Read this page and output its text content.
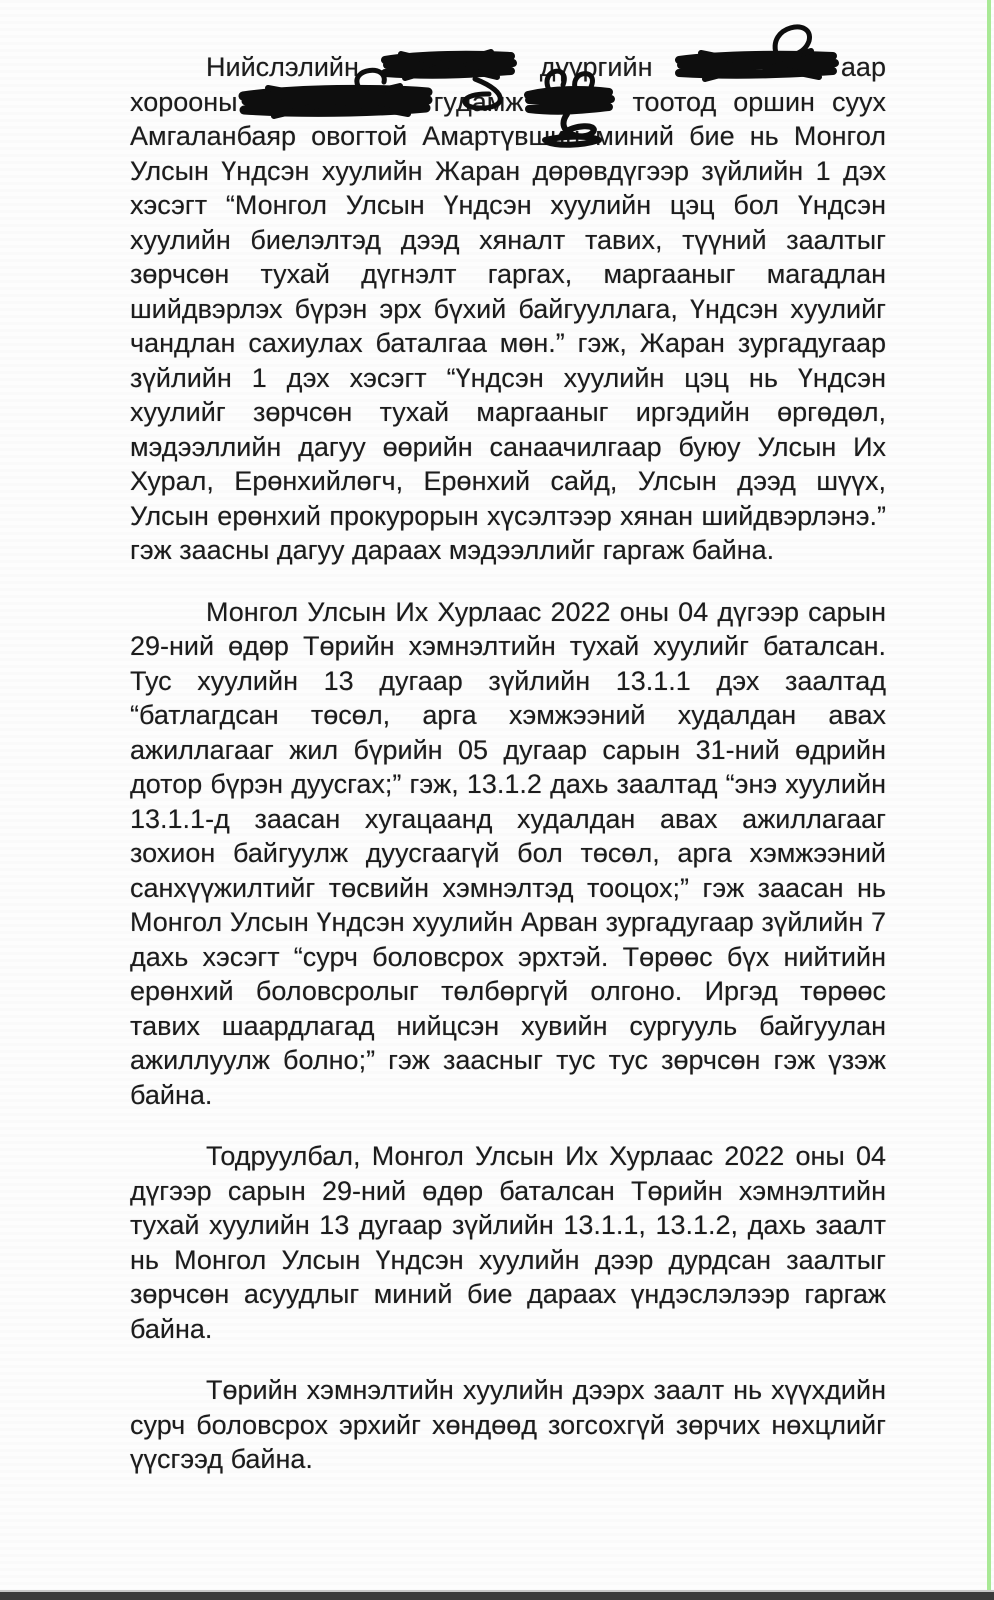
Нийслэлийн	дүүргийн	аар хорооны	гудамж	тоотод оршин суух Амгаланбаяр овогтой Амартүвшин миний бие нь Монгол Улсын Үндсэн хуулийн Жаран дөрөвдүгээр зүйлийн 1 дэх хэсэгт “Монгол Улсын Үндсэн хуулийн цэц бол Үндсэн хуулийн биелэлтэд дээд хяналт тавих, түүний заалтыг зөрчсөн тухай дүгнэлт гаргах, маргааныг магадлан шийдвэрлэх бүрэн эрх бүхий байгууллага, Үндсэн хуулийг чандлан сахиулах баталгаа мөн.” гэж, Жаран зургадугаар зүйлийн 1 дэх хэсэгт “Үндсэн хуулийн цэц нь Үндсэн хуулийг зөрчсөн тухай маргааныг иргэдийн өргөдөл, мэдээллийн дагуу өөрийн санаачилгаар буюу Улсын Их Хурал, Ерөнхийлөгч, Ерөнхий сайд, Улсын дээд шүүх, Улсын ерөнхий прокурорын хүсэлтээр хянан шийдвэрлэнэ.” гэж заасны дагуу дараах мэдээллийг гаргаж байна.

Монгол Улсын Их Хурлаас 2022 оны 04 дүгээр сарын 29-ний өдөр Төрийн хэмнэлтийн тухай хуулийг баталсан. Тус хуулийн 13 дугаар зүйлийн 13.1.1 дэх заалтад “батлагдсан төсөл, арга хэмжээний худалдан авах ажиллагааг жил бүрийн 05 дугаар сарын 31-ний өдрийн дотор бүрэн дуусгах;” гэж, 13.1.2 дахь заалтад “энэ хуулийн 13.1.1-д заасан хугацаанд худалдан авах ажиллагааг зохион байгуулж дуусгаагүй бол төсөл, арга хэмжээний санхүүжилтийг төсвийн хэмнэлтэд тооцох;” гэж заасан нь Монгол Улсын Үндсэн хуулийн Арван зургадугаар зүйлийн 7 дахь хэсэгт “сурч боловсрох эрхтэй. Төрөөс бүх нийтийн ерөнхий боловсролыг төлбөргүй олгоно. Иргэд төрөөс тавих шаардлагад нийцсэн хувийн сургууль байгуулан ажиллуулж болно;” гэж заасныг тус тус зөрчсөн гэж үзэж байна.

Тодруулбал, Монгол Улсын Их Хурлаас 2022 оны 04 дүгээр сарын 29-ний өдөр баталсан Төрийн хэмнэлтийн тухай хуулийн 13 дугаар зүйлийн 13.1.1, 13.1.2, дахь заалт нь Монгол Улсын Үндсэн хуулийн дээр дурдсан заалтыг зөрчсөн асуудлыг миний бие дараах үндэслэлээр гаргаж байна.

Төрийн хэмнэлтийн хуулийн дээрх заалт нь хүүхдийн сурч боловсрох эрхийг хөндөөд зогсохгүй зөрчих нөхцлийг үүсгээд байна.
